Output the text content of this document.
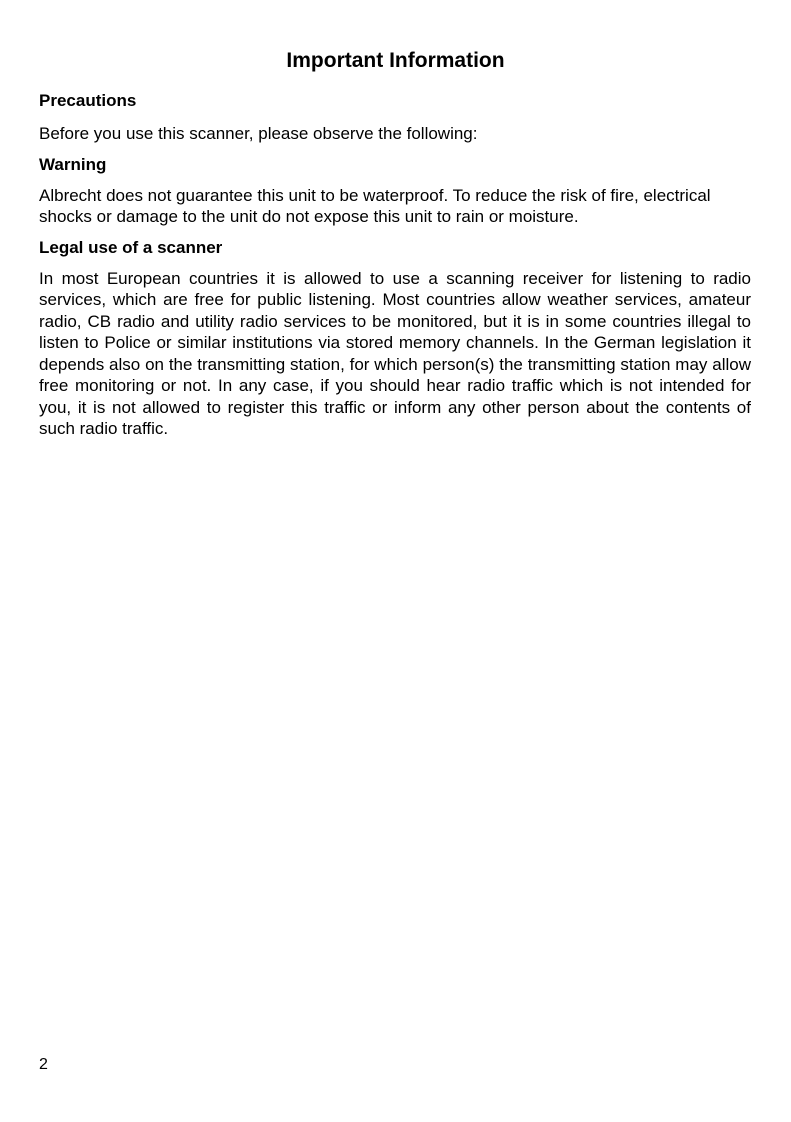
Important Information
Precautions

Before you use this scanner, please observe the following:

Warning

Albrecht does not guarantee this unit to be waterproof. To reduce the risk of fire, electrical shocks or damage to the unit do not expose this unit to rain or moisture.

Legal use of a scanner

In most European countries it is allowed to use a scanning receiver for listening to radio services, which are free for public listening. Most countries allow weather services, amateur radio, CB radio and utility radio services to be monitored, but it is in some countries illegal to listen to Police or similar institutions via stored memory channels. In the German legislation it depends also on the transmitting station, for which person(s) the transmitting station may allow free monitoring or not. In any case, if you should hear radio traffic which is not intended for you, it is not allowed to register this traffic or inform any other person about the contents of such radio traffic.

2
